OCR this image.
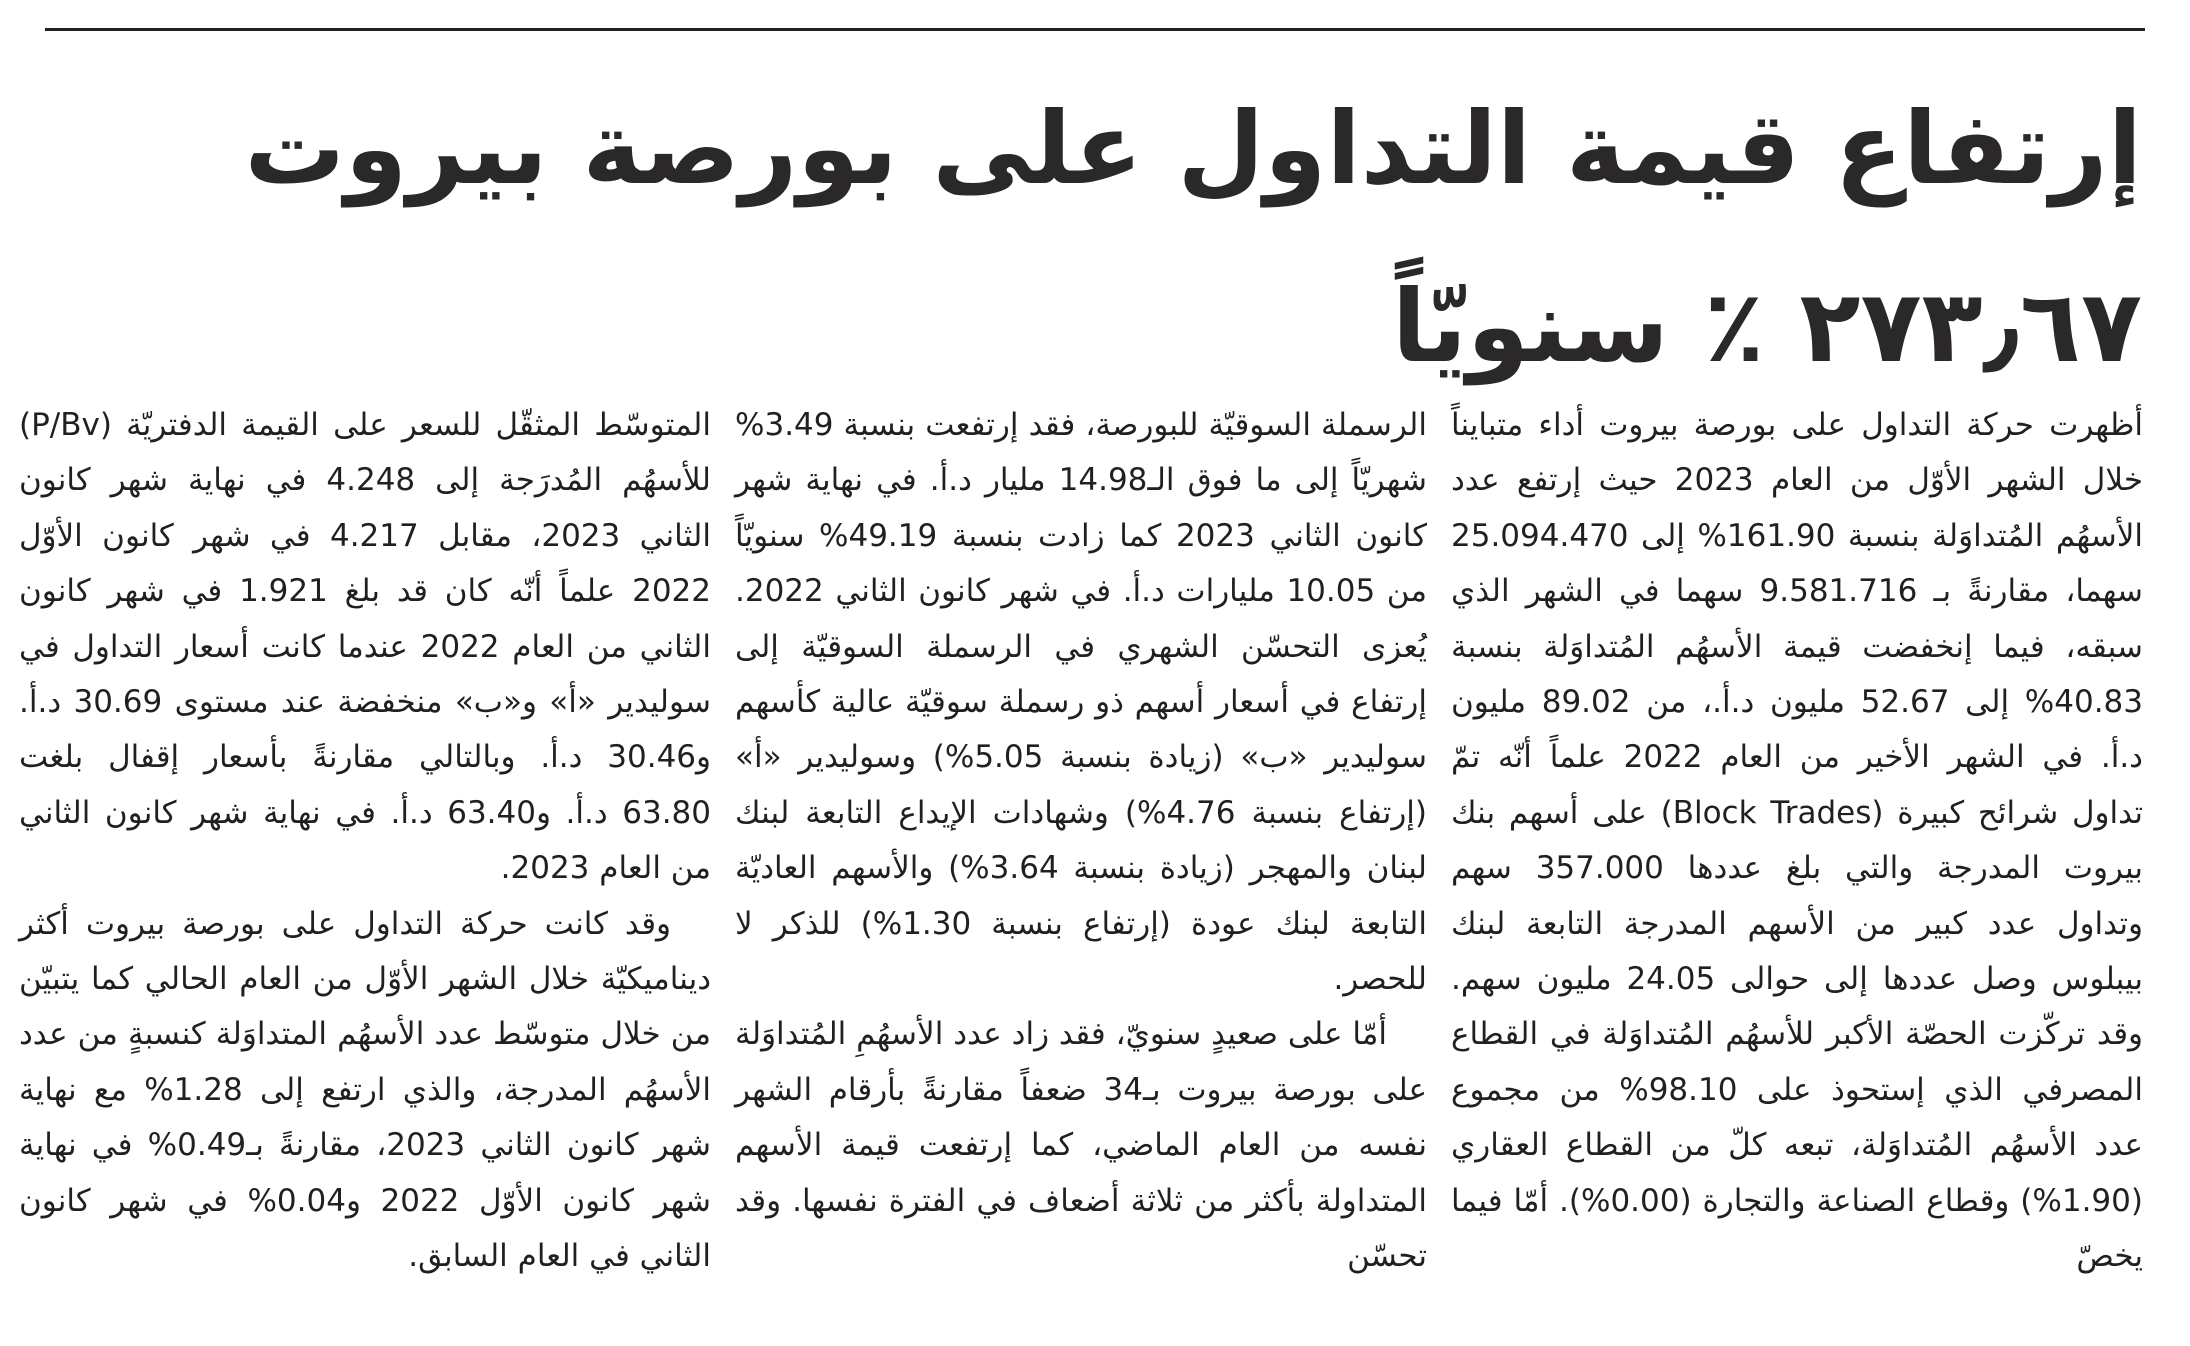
إرتفاع قيمة التداول على بورصة بيروت
٢٧٣٫٦٧ ٪ سنويّاً

أظهرت حركة التداول على بورصة بيروت أداء متبايناً خلال الشهر الأوّل من العام 2023 حيث إرتفع عدد الأسهُم المُتداوَلة بنسبة 161.90% إلى 25.094.470 سهما، مقارنةً بـ 9.581.716 سهما في الشهر الذي سبقه، فيما إنخفضت قيمة الأسهُم المُتداوَلة بنسبة 40.83% إلى 52.67 مليون د.أ.، من 89.02 مليون د.أ. في الشهر الأخير من العام 2022 علماً أنّه تمّ تداول شرائح كبيرة (Block Trades) على أسهم بنك بيروت المدرجة والتي بلغ عددها 357.000 سهم وتداول عدد كبير من الأسهم المدرجة التابعة لبنك بيبلوس وصل عددها إلى حوالى 24.05 مليون سهم. وقد تركّزت الحصّة الأكبر للأسهُم المُتداوَلة في القطاع المصرفي الذي إستحوذ على 98.10% من مجموع عدد الأسهُم المُتداوَلة، تبعه كلّ من القطاع العقاري (1.90%) وقطاع الصناعة والتجارة (0.00%). أمّا فيما يخصّ

الرسملة السوقيّة للبورصة، فقد إرتفعت بنسبة 3.49% شهريّاً إلى ما فوق الـ14.98 مليار د.أ. في نهاية شهر كانون الثاني 2023 كما زادت بنسبة 49.19% سنويّاً من 10.05 مليارات د.أ. في شهر كانون الثاني 2022. يُعزى التحسّن الشهري في الرسملة السوقيّة إلى إرتفاع في أسعار أسهم ذو رسملة سوقيّة عالية كأسهم سوليدير «ب» (زيادة بنسبة 5.05%) وسوليدير «أ» (إرتفاع بنسبة 4.76%) وشهادات الإيداع التابعة لبنك لبنان والمهجر (زيادة بنسبة 3.64%) والأسهم العاديّة التابعة لبنك عودة (إرتفاع بنسبة 1.30%) للذكر لا للحصر.

أمّا على صعيدٍ سنويّ، فقد زاد عدد الأسهُمِ المُتداوَلة على بورصة بيروت بـ34 ضعفاً مقارنةً بأرقام الشهر نفسه من العام الماضي، كما إرتفعت قيمة الأسهم المتداولة بأكثر من ثلاثة أضعاف في الفترة نفسها. وقد تحسّن

المتوسّط المثقّل للسعر على القيمة الدفتريّة (P/Bv) للأسهُم المُدرَجة إلى 4.248 في نهاية شهر كانون الثاني 2023، مقابل 4.217 في شهر كانون الأوّل 2022 علماً أنّه كان قد بلغ 1.921 في شهر كانون الثاني من العام 2022 عندما كانت أسعار التداول في سوليدير «أ» و«ب» منخفضة عند مستوى 30.69 د.أ. و30.46 د.أ. وبالتالي مقارنةً بأسعار إقفال بلغت 63.80 د.أ. و63.40 د.أ. في نهاية شهر كانون الثاني من العام 2023.

وقد كانت حركة التداول على بورصة بيروت أكثر ديناميكيّة خلال الشهر الأوّل من العام الحالي كما يتبيّن من خلال متوسّط عدد الأسهُم المتداوَلة كنسبةٍ من عدد الأسهُم المدرجة، والذي ارتفع إلى 1.28% مع نهاية شهر كانون الثاني 2023، مقارنةً بـ0.49% في نهاية شهر كانون الأوّل 2022 و0.04% في شهر كانون الثاني في العام السابق.
